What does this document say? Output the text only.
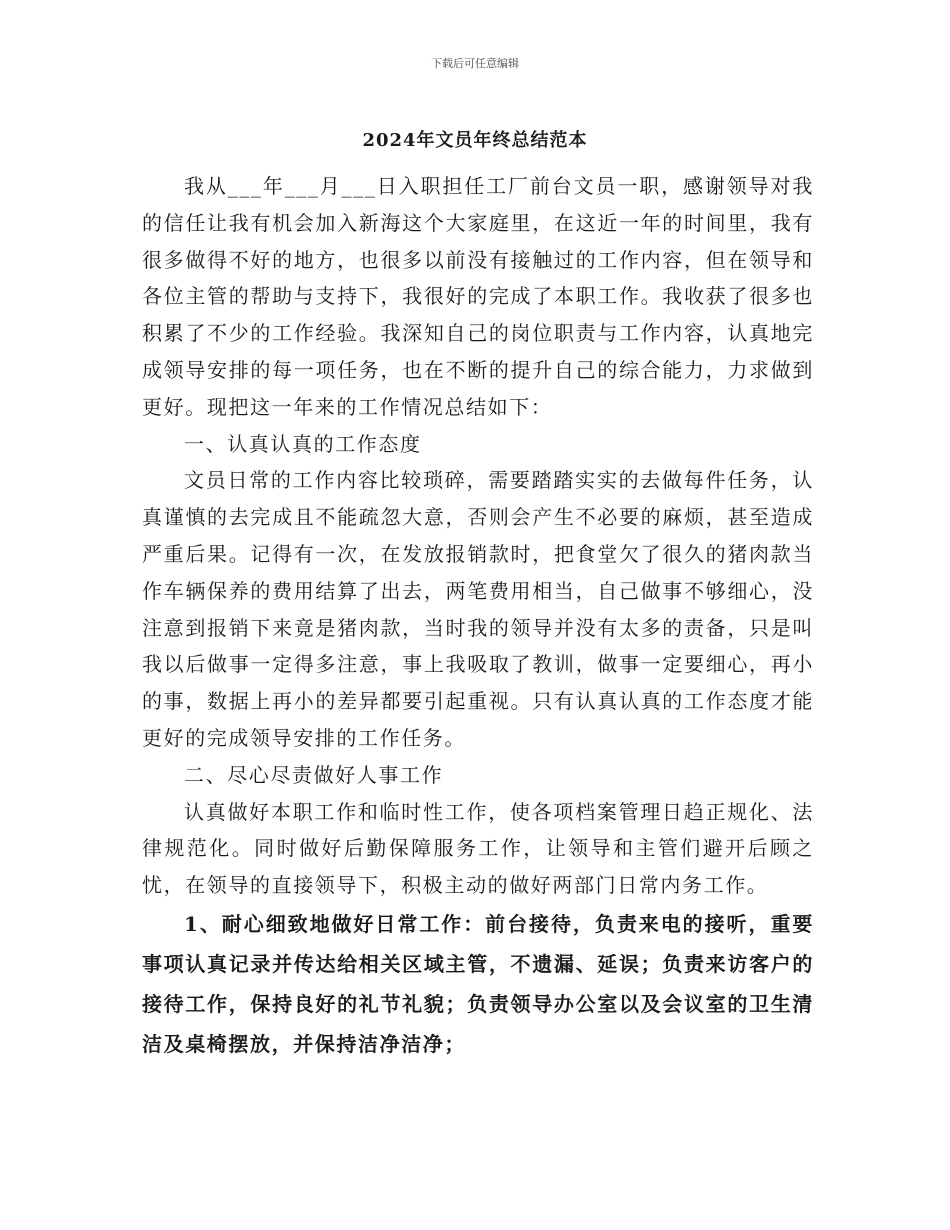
下载后可任意编辑
2024年文员年终总结范本

我从___年___月___日入职担任工厂前台文员一职，感谢领导对我的信任让我有机会加入新海这个大家庭里，在这近一年的时间里，我有很多做得不好的地方，也很多以前没有接触过的工作内容，但在领导和各位主管的帮助与支持下，我很好的完成了本职工作。我收获了很多也积累了不少的工作经验。我深知自己的岗位职责与工作内容，认真地完成领导安排的每一项任务，也在不断的提升自己的综合能力，力求做到更好。现把这一年来的工作情况总结如下：

一、认真认真的工作态度

文员日常的工作内容比较琐碎，需要踏踏实实的去做每件任务，认真谨慎的去完成且不能疏忽大意，否则会产生不必要的麻烦，甚至造成严重后果。记得有一次，在发放报销款时，把食堂欠了很久的猪肉款当作车辆保养的费用结算了出去，两笔费用相当，自己做事不够细心，没注意到报销下来竟是猪肉款，当时我的领导并没有太多的责备，只是叫我以后做事一定得多注意，事上我吸取了教训，做事一定要细心，再小的事，数据上再小的差异都要引起重视。只有认真认真的工作态度才能更好的完成领导安排的工作任务。

二、尽心尽责做好人事工作

认真做好本职工作和临时性工作，使各项档案管理日趋正规化、法律规范化。同时做好后勤保障服务工作，让领导和主管们避开后顾之忧，在领导的直接领导下，积极主动的做好两部门日常内务工作。

1、耐心细致地做好日常工作：前台接待，负责来电的接听，重要事项认真记录并传达给相关区域主管，不遗漏、延误；负责来访客户的接待工作，保持良好的礼节礼貌；负责领导办公室以及会议室的卫生清洁及桌椅摆放，并保持洁净洁净；
